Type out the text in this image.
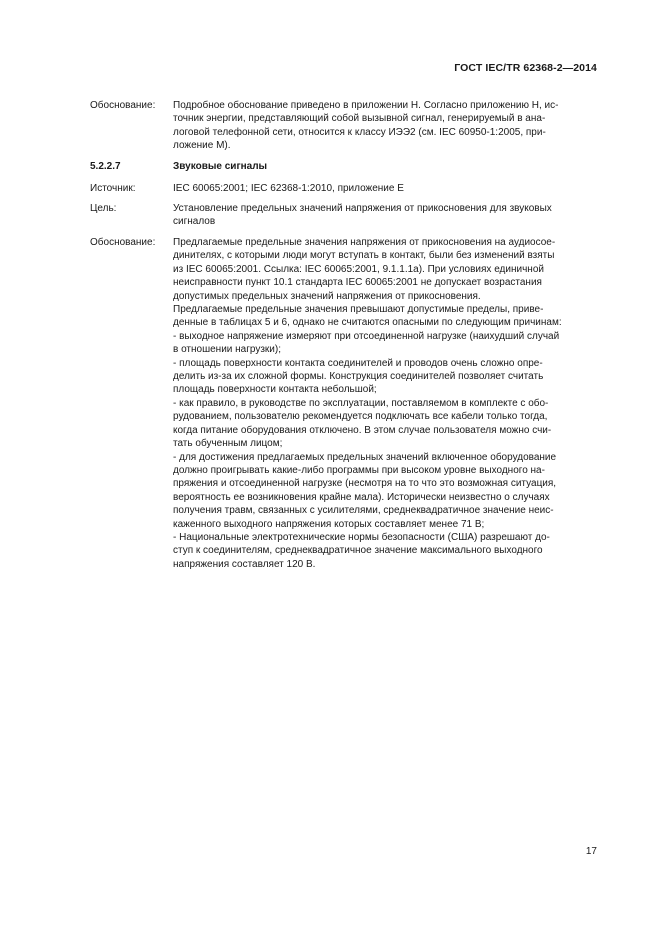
ГОСТ IEC/TR 62368-2—2014
Обоснование:	Подробное обоснование приведено в приложении Н. Согласно приложению Н, ис-

точник энергии, представляющий собой вызывной сигнал, генерируемый в ана-

логовой телефонной сети, относится к классу ИЭЭ2 (см. IEC 60950-1:2005, при-

ложение М).

5.2.2.7	Звуковые сигналы
Источник:	IEC 60065:2001; IEC 62368-1:2010, приложение Е
Цель:	Установление предельных значений напряжения от прикосновения для звуковых

сигналов

Обоснование:	Предлагаемые предельные значения напряжения от прикосновения на аудиосое-

динителях, с которыми люди могут вступать в контакт, были без изменений взяты

из IEC 60065:2001. Ссылка: IEC 60065:2001, 9.1.1.1а). При условиях единичной

неисправности пункт 10.1 стандарта IEC 60065:2001 не допускает возрастания

допустимых предельных значений напряжения от прикосновения.

Предлагаемые предельные значения превышают допустимые пределы, приве-

денные в таблицах 5 и 6, однако не считаются опасными по следующим причинам:

- выходное напряжение измеряют при отсоединенной нагрузке (наихудший случай

в отношении нагрузки);

- площадь поверхности контакта соединителей и проводов очень сложно опре-

делить из-за их сложной формы. Конструкция соединителей позволяет считать

площадь поверхности контакта небольшой;

- как правило, в руководстве по эксплуатации, поставляемом в комплекте с обо-

рудованием, пользователю рекомендуется подключать все кабели только тогда,

когда питание оборудования отключено. В этом случае пользователя можно счи-

тать обученным лицом;

- для достижения предлагаемых предельных значений включенное оборудование

должно проигрывать какие-либо программы при высоком уровне выходного на-

пряжения и отсоединенной нагрузке (несмотря на то что это возможная ситуация,

вероятность ее возникновения крайне мала). Исторически неизвестно о случаях

получения травм, связанных с усилителями, среднеквадратичное значение неис-

каженного выходного напряжения которых составляет менее 71 В;

- Национальные электротехнические нормы безопасности (США) разрешают до-

ступ к соединителям, среднеквадратичное значение максимального выходного

напряжения составляет 120 В.

17
